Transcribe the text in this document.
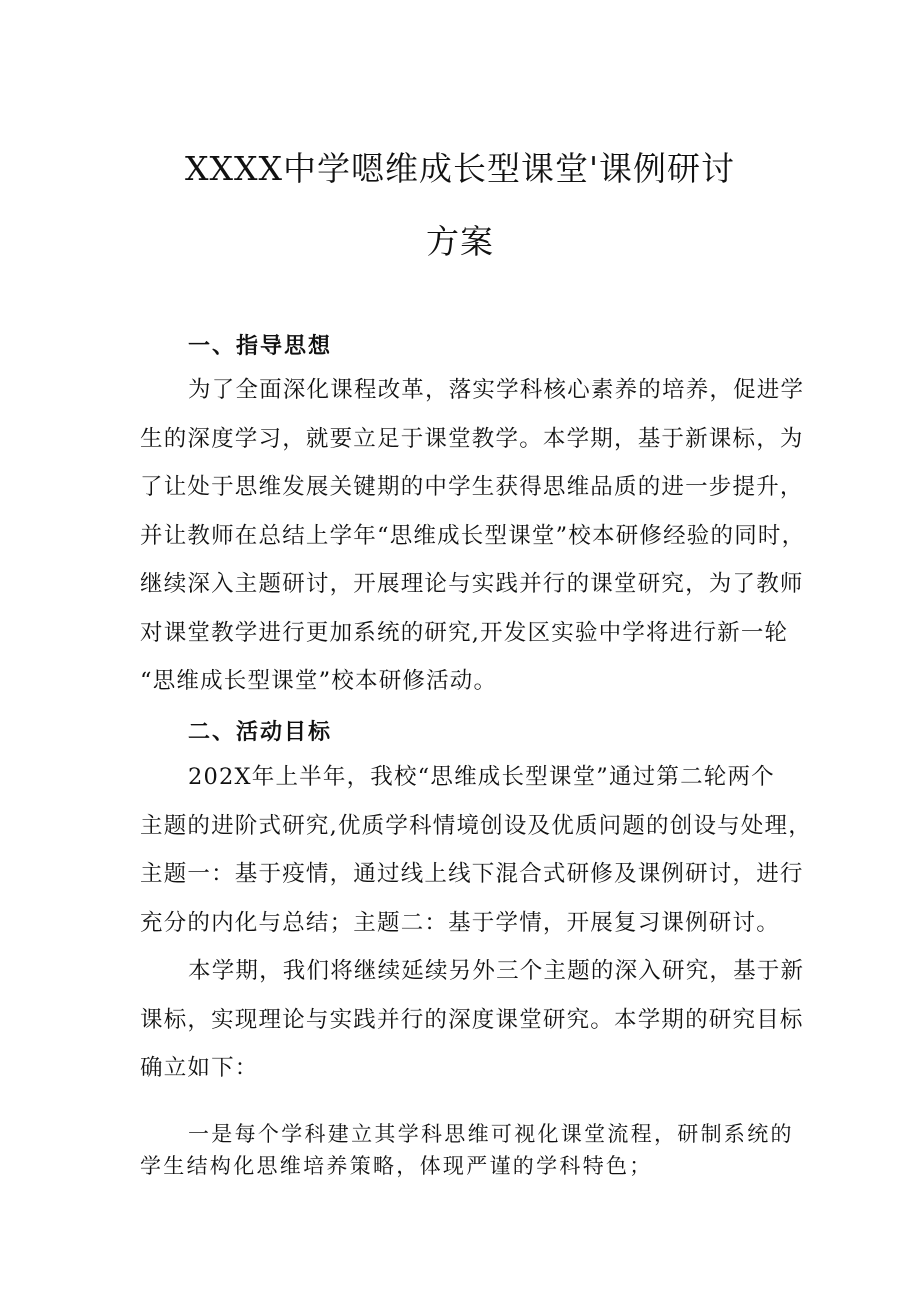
XXXX中学嗯维成长型课堂'课例研讨
方案
一、指导思想
为了全面深化课程改革，落实学科核心素养的培养，促进学
生的深度学习，就要立足于课堂教学。本学期，基于新课标，为
了让处于思维发展关键期的中学生获得思维品质的进一步提升，
并让教师在总结上学年“思维成长型课堂”校本研修经验的同时，
继续深入主题研讨，开展理论与实践并行的课堂研究，为了教师
对课堂教学进行更加系统的研究,开发区实验中学将进行新一轮
“思维成长型课堂”校本研修活动。
二、活动目标
202X年上半年，我校“思维成长型课堂”通过第二轮两个
主题的进阶式研究,优质学科情境创设及优质问题的创设与处理，
主题一：基于疫情，通过线上线下混合式研修及课例研讨，进行
充分的内化与总结；主题二：基于学情，开展复习课例研讨。
本学期，我们将继续延续另外三个主题的深入研究，基于新
课标，实现理论与实践并行的深度课堂研究。本学期的研究目标
确立如下：
一是每个学科建立其学科思维可视化课堂流程，研制系统的
学生结构化思维培养策略，体现严谨的学科特色；
